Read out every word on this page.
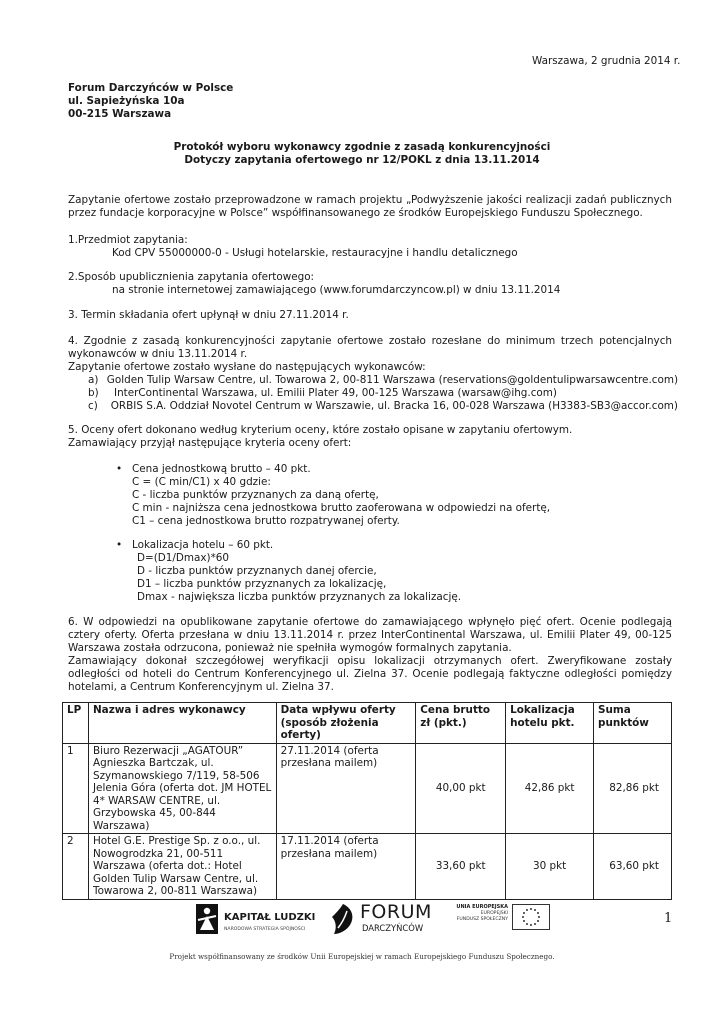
Warszawa, 2 grudnia 2014 r.
Forum Darczyńców w Polsce
ul. Sapieżyńska 10a
00-215 Warszawa
Protokół wyboru wykonawcy zgodnie z zasadą konkurencyjności
Dotyczy zapytania ofertowego nr 12/POKL z dnia 13.11.2014
Zapytanie ofertowe zostało przeprowadzone w ramach projektu „Podwyższenie jakości realizacji zadań publicznych przez fundacje korporacyjne w Polsce” współfinansowanego ze środków Europejskiego Funduszu Społecznego.
1.Przedmiot zapytania:
Kod CPV 55000000-0 - Usługi hotelarskie, restauracyjne i handlu detalicznego
2.Sposób upublicznienia zapytania ofertowego:
na stronie internetowej zamawiającego (www.forumdarczyncow.pl) w dniu 13.11.2014
3. Termin składania ofert upłynął w dniu 27.11.2014 r.
4. Zgodnie z zasadą konkurencyjności zapytanie ofertowe zostało rozesłane do minimum trzech potencjalnych wykonawców w dniu 13.11.2014 r.
Zapytanie ofertowe zostało wysłane do następujących wykonawców:
a) Golden Tulip Warsaw Centre, ul. Towarowa 2, 00-811 Warszawa (reservations@goldentulipwarsawcentre.com)
b)	InterContinental Warszawa, ul. Emilii Plater 49, 00-125 Warszawa (warsaw@ihg.com)
c)	ORBIS S.A. Oddział Novotel Centrum w Warszawie, ul. Bracka 16, 00-028 Warszawa (H3383-SB3@accor.com)
5. Oceny ofert dokonano według kryterium oceny, które zostało opisane w zapytaniu ofertowym.
Zamawiający przyjął następujące kryteria oceny ofert:
• Cena jednostkową brutto – 40 pkt.
C = (C min/C1) x 40 gdzie:
C - liczba punktów przyznanych za daną ofertę,
C min - najniższa cena jednostkowa brutto zaoferowana w odpowiedzi na ofertę,
C1 – cena jednostkowa brutto rozpatrywanej oferty.
• Lokalizacja hotelu – 60 pkt.
D=(D1/Dmax)*60
D - liczba punktów przyznanych danej ofercie,
D1 – liczba punktów przyznanych za lokalizację,
Dmax - największa liczba punktów przyznanych za lokalizację.
6. W odpowiedzi na opublikowane zapytanie ofertowe do zamawiającego wpłynęło pięć ofert. Ocenie podlegają cztery oferty. Oferta przesłana w dniu 13.11.2014 r. przez InterContinental Warszawa, ul. Emilii Plater 49, 00-125 Warszawa została odrzucona, ponieważ nie spełniła wymogów formalnych zapytania.
Zamawiający dokonał szczegółowej weryfikacji opisu lokalizacji otrzymanych ofert. Zweryfikowane zostały odległości od hoteli do Centrum Konferencyjnego ul. Zielna 37. Ocenie podlegają faktyczne odległości pomiędzy hotelami, a Centrum Konferencyjnym ul. Zielna 37.
LP	Nazwa i adres wykonawcy	Data wpływu oferty (sposób złożenia oferty)	Cena brutto zł (pkt.)	Lokalizacja hotelu pkt.	Suma punktów
1	Biuro Rezerwacji „AGATOUR” Agnieszka Bartczak, ul. Szymanowskiego 7/119, 58-506 Jelenia Góra (oferta dot. JM HOTEL 4* WARSAW CENTRE, ul. Grzybowska 45, 00-844 Warszawa)	27.11.2014 (oferta przesłana mailem)	40,00 pkt	42,86 pkt	82,86 pkt
2	Hotel G.E. Prestige Sp. z o.o., ul. Nowogrodzka 21, 00-511 Warszawa (oferta dot.: Hotel Golden Tulip Warsaw Centre, ul. Towarowa 2, 00-811 Warszawa)	17.11.2014 (oferta przesłana mailem)	33,60 pkt	30 pkt	63,60 pkt
KAPITAŁ LUDZKI
NARODOWA STRATEGIA SPÓJNOŚCI
FORUM
DARCZYŃCÓW
UNIA EUROPEJSKA
EUROPEJSKI
FUNDUSZ SPOŁECZNY	1
Projekt współfinansowany ze środków Unii Europejskiej w ramach Europejskiego Funduszu Społecznego.
